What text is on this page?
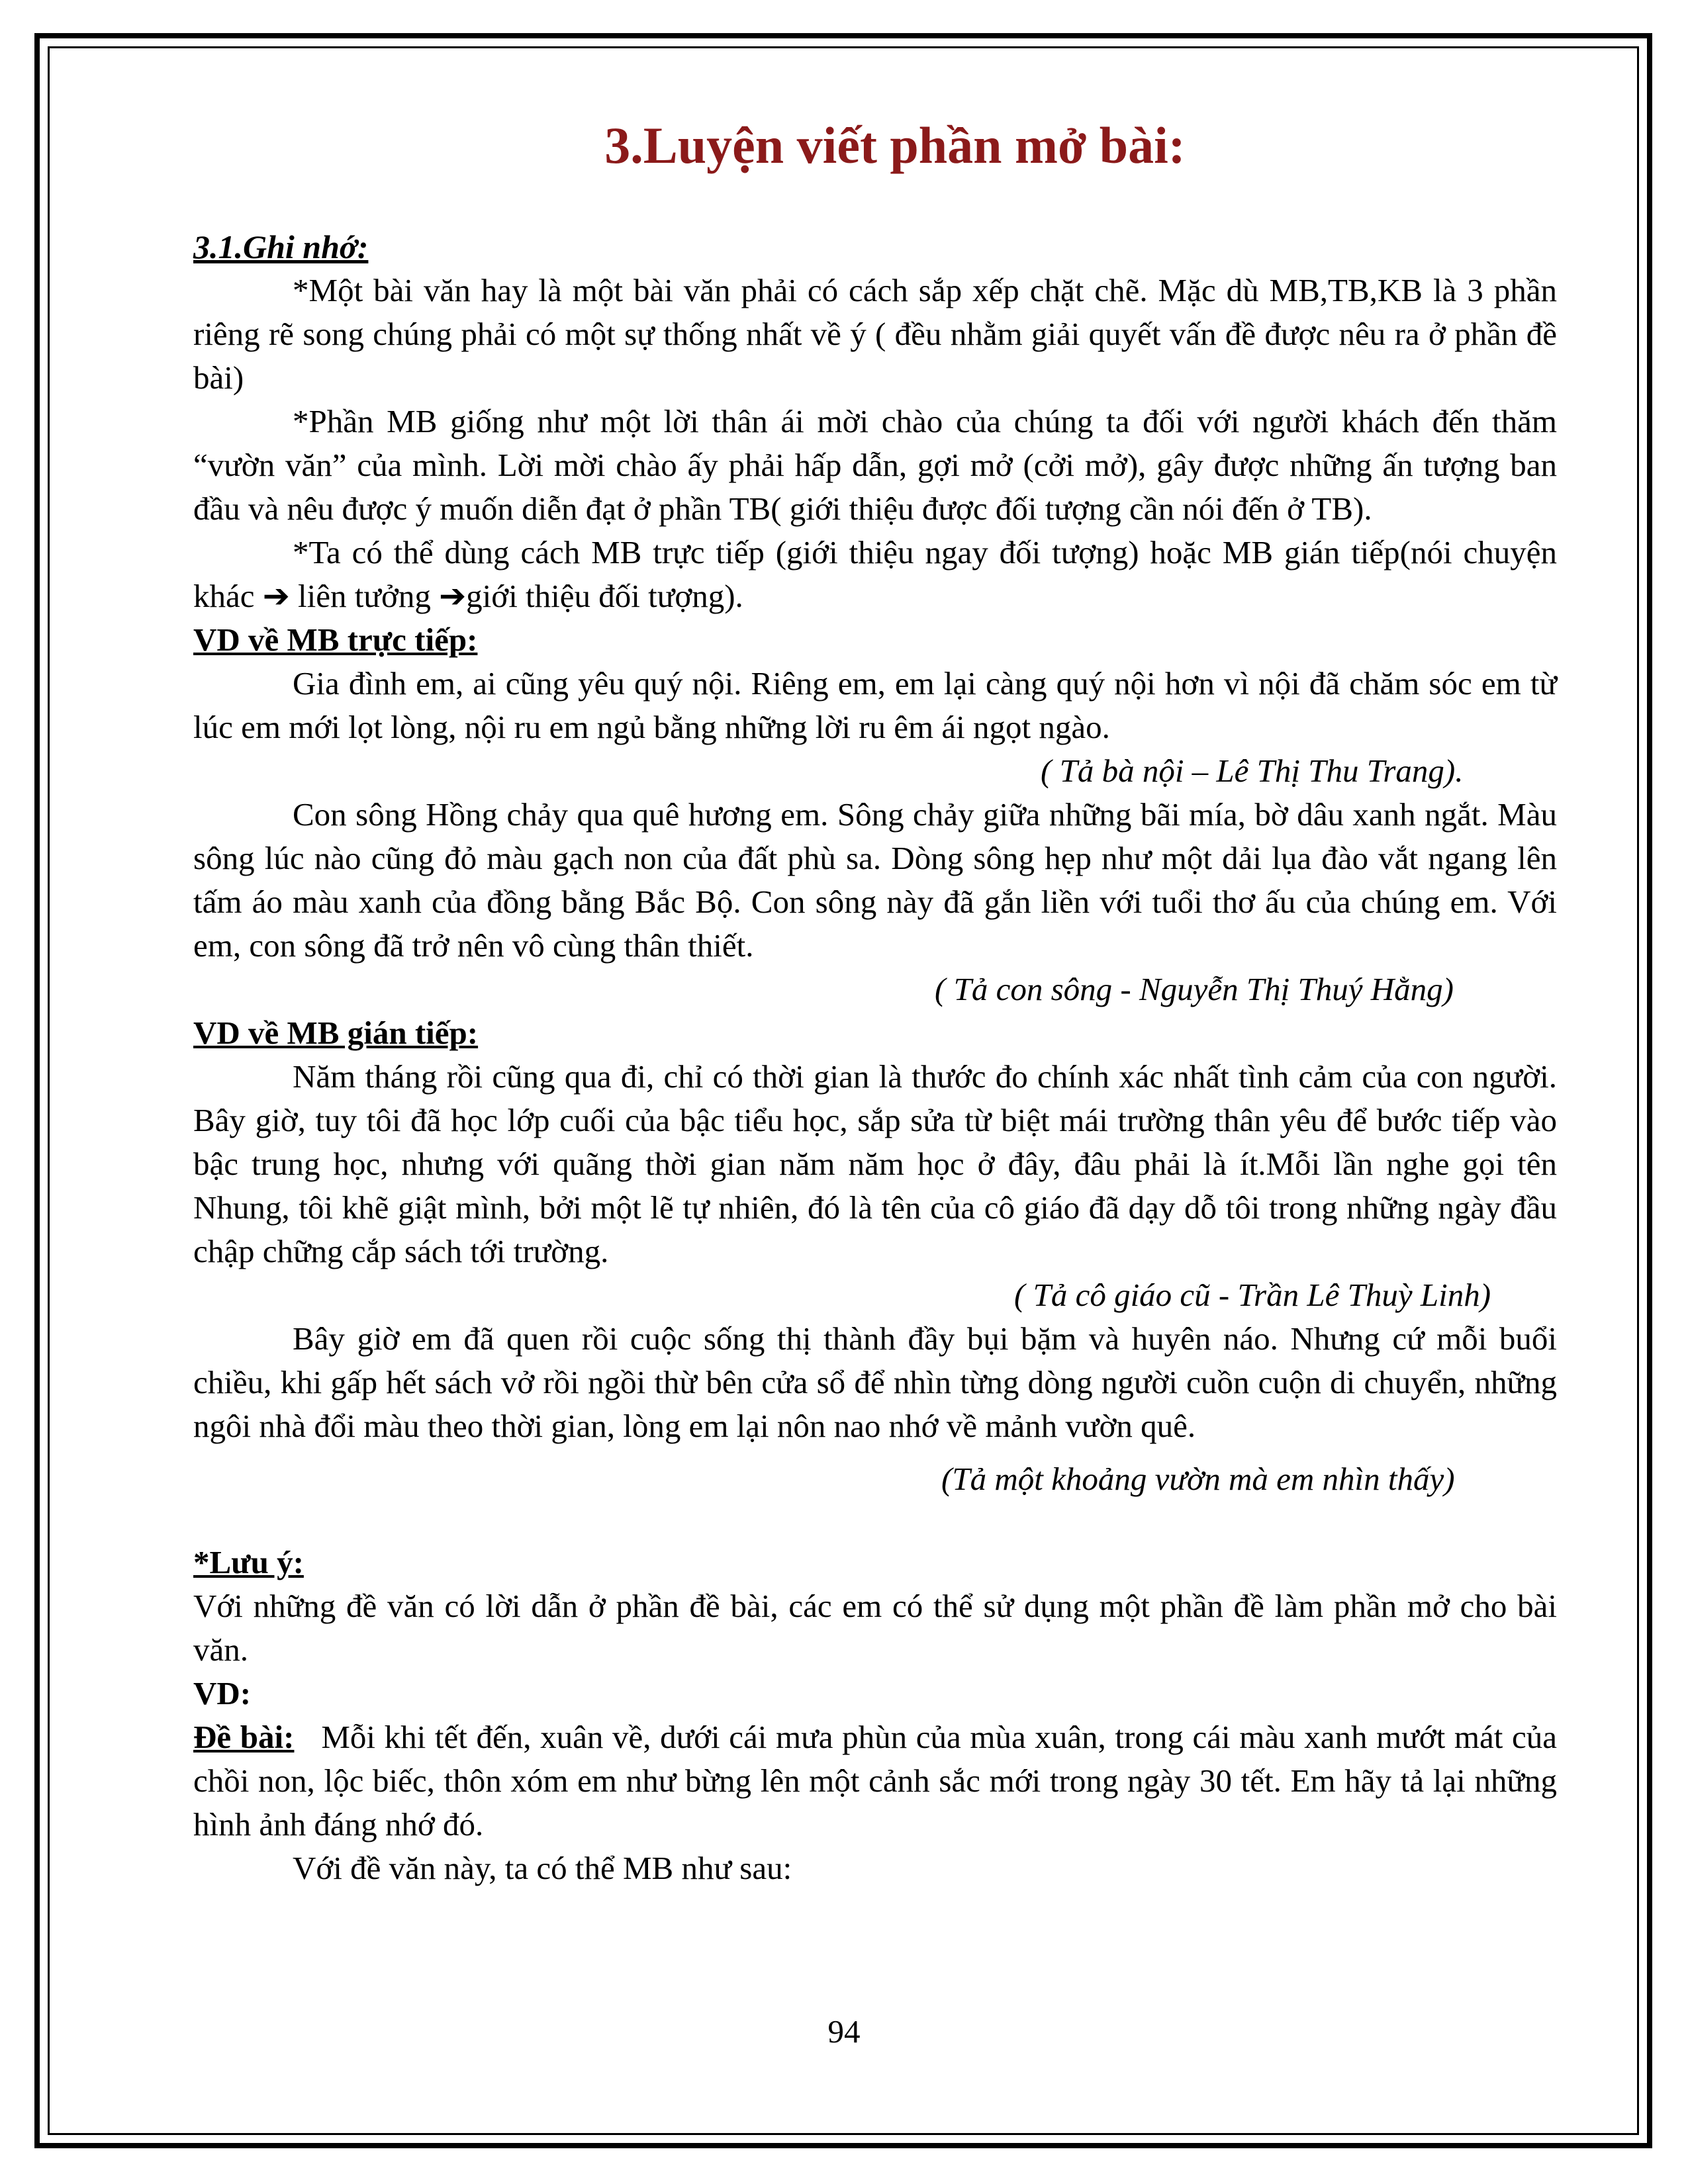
3.Luyện viết phần mở bài:
3.1.Ghi nhớ:

*Một bài văn hay là một bài văn phải có cách sắp xếp chặt chẽ. Mặc dù MB,TB,KB là 3 phần riêng rẽ song chúng phải có một sự thống nhất về ý ( đều nhằm giải quyết vấn đề được nêu ra ở phần đề bài)

*Phần MB giống như một lời thân ái mời chào của chúng ta đối với người khách đến thăm “vườn văn” của mình. Lời mời chào ấy phải hấp dẫn, gợi mở (cởi mở), gây được những ấn tượng ban đầu và nêu được ý muốn diễn đạt ở phần TB( giới thiệu được đối tượng cần nói đến ở TB).

*Ta có thể dùng cách MB trực tiếp (giới thiệu ngay đối tượng) hoặc MB gián tiếp(nói chuyện khác ➔ liên tưởng ➔giới thiệu đối tượng).

VD về MB trực tiếp:

Gia đình em, ai cũng yêu quý nội. Riêng em, em lại càng quý nội hơn vì nội đã chăm sóc em từ lúc em mới lọt lòng, nội ru em ngủ bằng những lời ru êm ái ngọt ngào.

( Tả bà nội – Lê Thị Thu Trang).

Con sông Hồng chảy qua quê hương em. Sông chảy giữa những bãi mía, bờ dâu xanh ngắt. Màu sông lúc nào cũng đỏ màu gạch non của đất phù sa. Dòng sông hẹp như một dải lụa đào vắt ngang lên tấm áo màu xanh của đồng bằng Bắc Bộ. Con sông này đã gắn liền với tuổi thơ ấu của chúng em. Với em, con sông đã trở nên vô cùng thân thiết.

( Tả con sông - Nguyễn Thị Thuý Hằng)

VD về MB gián tiếp:

Năm tháng rồi cũng qua đi, chỉ có thời gian là thước đo chính xác nhất tình cảm của con người. Bây giờ, tuy tôi đã học lớp cuối của bậc tiểu học, sắp sửa từ biệt mái trường thân yêu để bước tiếp vào bậc trung học, nhưng với quãng thời gian năm năm học ở đây, đâu phải là ít.Mỗi lần nghe gọi tên Nhung, tôi khẽ giật mình, bởi một lẽ tự nhiên, đó là tên của cô giáo đã dạy dỗ tôi trong những ngày đầu chập chững cắp sách tới trường.

( Tả cô giáo cũ - Trần Lê Thuỳ Linh)

Bây giờ em đã quen rồi cuộc sống thị thành đầy bụi bặm và huyên náo. Nhưng cứ mỗi buổi chiều, khi gấp hết sách vở rồi ngồi thừ bên cửa sổ để nhìn từng dòng người cuồn cuộn di chuyển, những ngôi nhà đổi màu theo thời gian, lòng em lại nôn nao nhớ về mảnh vườn quê.

(Tả một khoảng vườn mà em nhìn thấy)

*Lưu ý:

Với những đề văn có lời dẫn ở phần đề bài, các em có thể sử dụng một phần đề làm phần mở cho bài văn.

VD:

Đề bài: Mỗi khi tết đến, xuân về, dưới cái mưa phùn của mùa xuân, trong cái màu xanh mướt mát của chồi non, lộc biếc, thôn xóm em như bừng lên một cảnh sắc mới trong ngày 30 tết. Em hãy tả lại những hình ảnh đáng nhớ đó.

Với đề văn này, ta có thể MB như sau:

94
